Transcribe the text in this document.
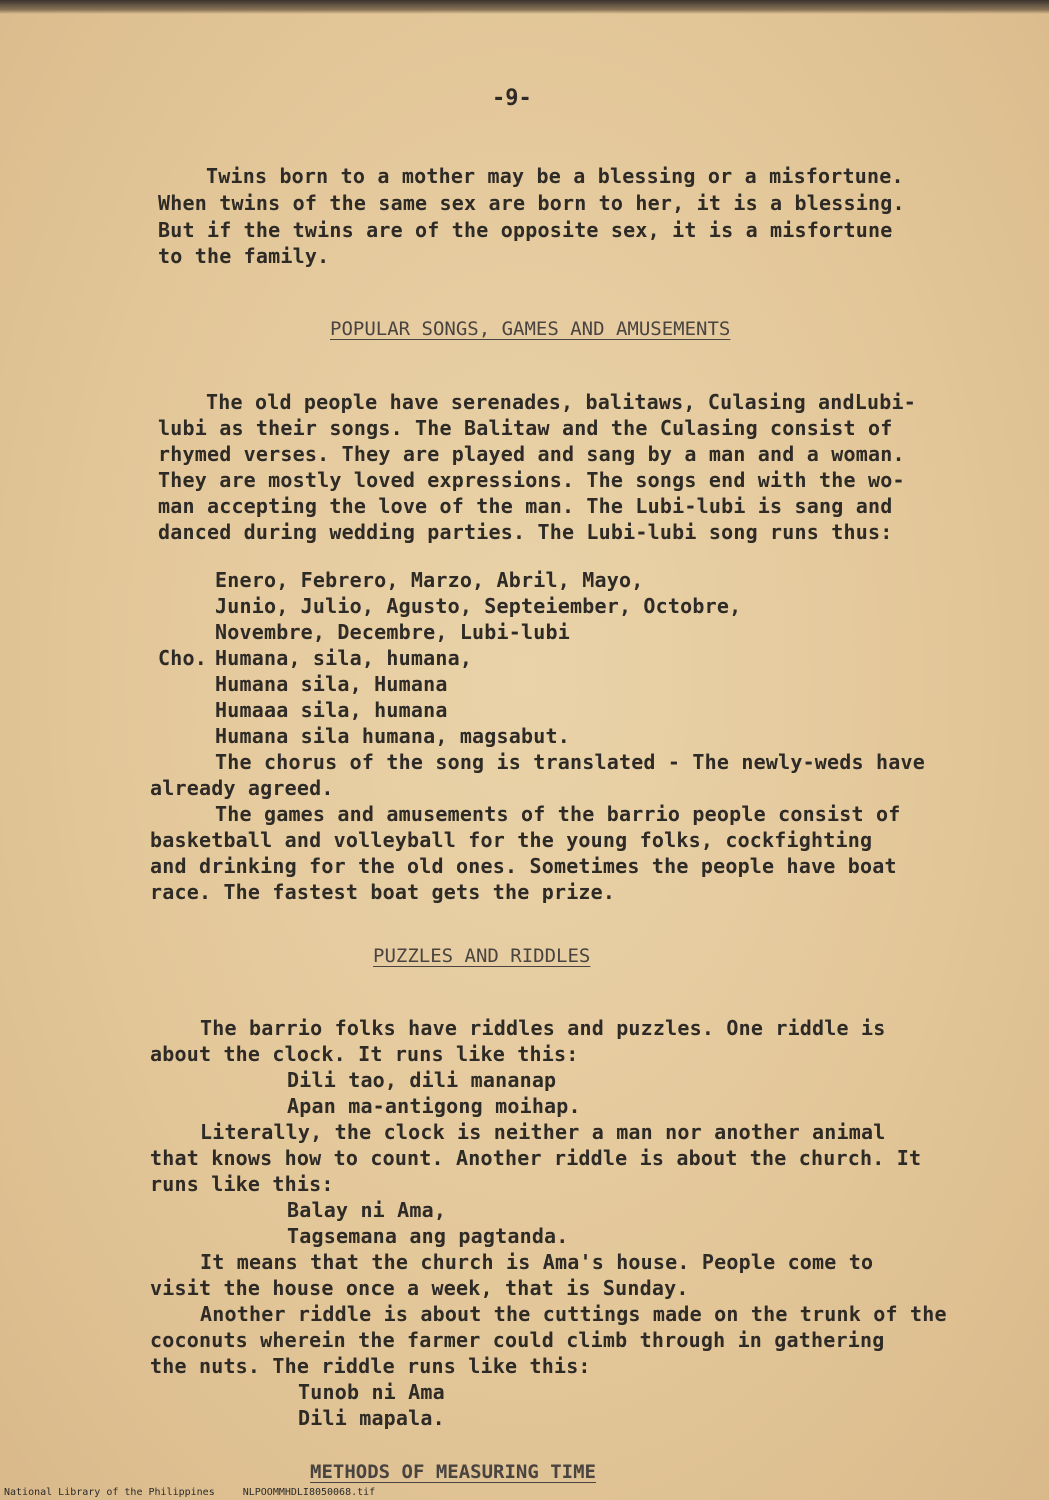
-9-
Twins born to a mother may be a blessing or a misfortune.
When twins of the same sex are born to her, it is a blessing.
But if the twins are of the opposite sex, it is a misfortune
to the family.
POPULAR SONGS, GAMES AND AMUSEMENTS
The old people have serenades, balitaws, Culasing andLubi-
lubi as their songs. The Balitaw and the Culasing consist of
rhymed verses. They are played and sang by a man and a woman.
They are mostly loved expressions. The songs end with the wo-
man accepting the love of the man. The Lubi-lubi is sang and
danced during wedding parties. The Lubi-lubi song runs thus:
Enero, Febrero, Marzo, Abril, Mayo,
Junio, Julio, Agusto, Septeiember, Octobre,
Novembre, Decembre, Lubi-lubi
Cho. Humana, sila, humana,
Humana sila, Humana
Humaaa sila, humana
Humana sila humana, magsabut.
The chorus of the song is translated - The newly-weds have
already agreed.
The games and amusements of the barrio people consist of
basketball and volleyball for the young folks, cockfighting
and drinking for the old ones. Sometimes the people have boat
race. The fastest boat gets the prize.
PUZZLES AND RIDDLES
The barrio folks have riddles and puzzles. One riddle is
about the clock. It runs like this:
Dili tao, dili mananap
Apan ma-antigong moihap.
Literally, the clock is neither a man nor another animal
that knows how to count. Another riddle is about the church. It
runs like this:
Balay ni Ama,
Tagsemana ang pagtanda.
It means that the church is Ama's house. People come to
visit the house once a week, that is Sunday.
Another riddle is about the cuttings made on the trunk of the
coconuts wherein the farmer could climb through in gathering
the nuts. The riddle runs like this:
Tunob ni Ama
Dili mapala.
METHODS OF MEASURING TIME
National Library of the Philippines	NLPOOMMHDLI8050068.tif
